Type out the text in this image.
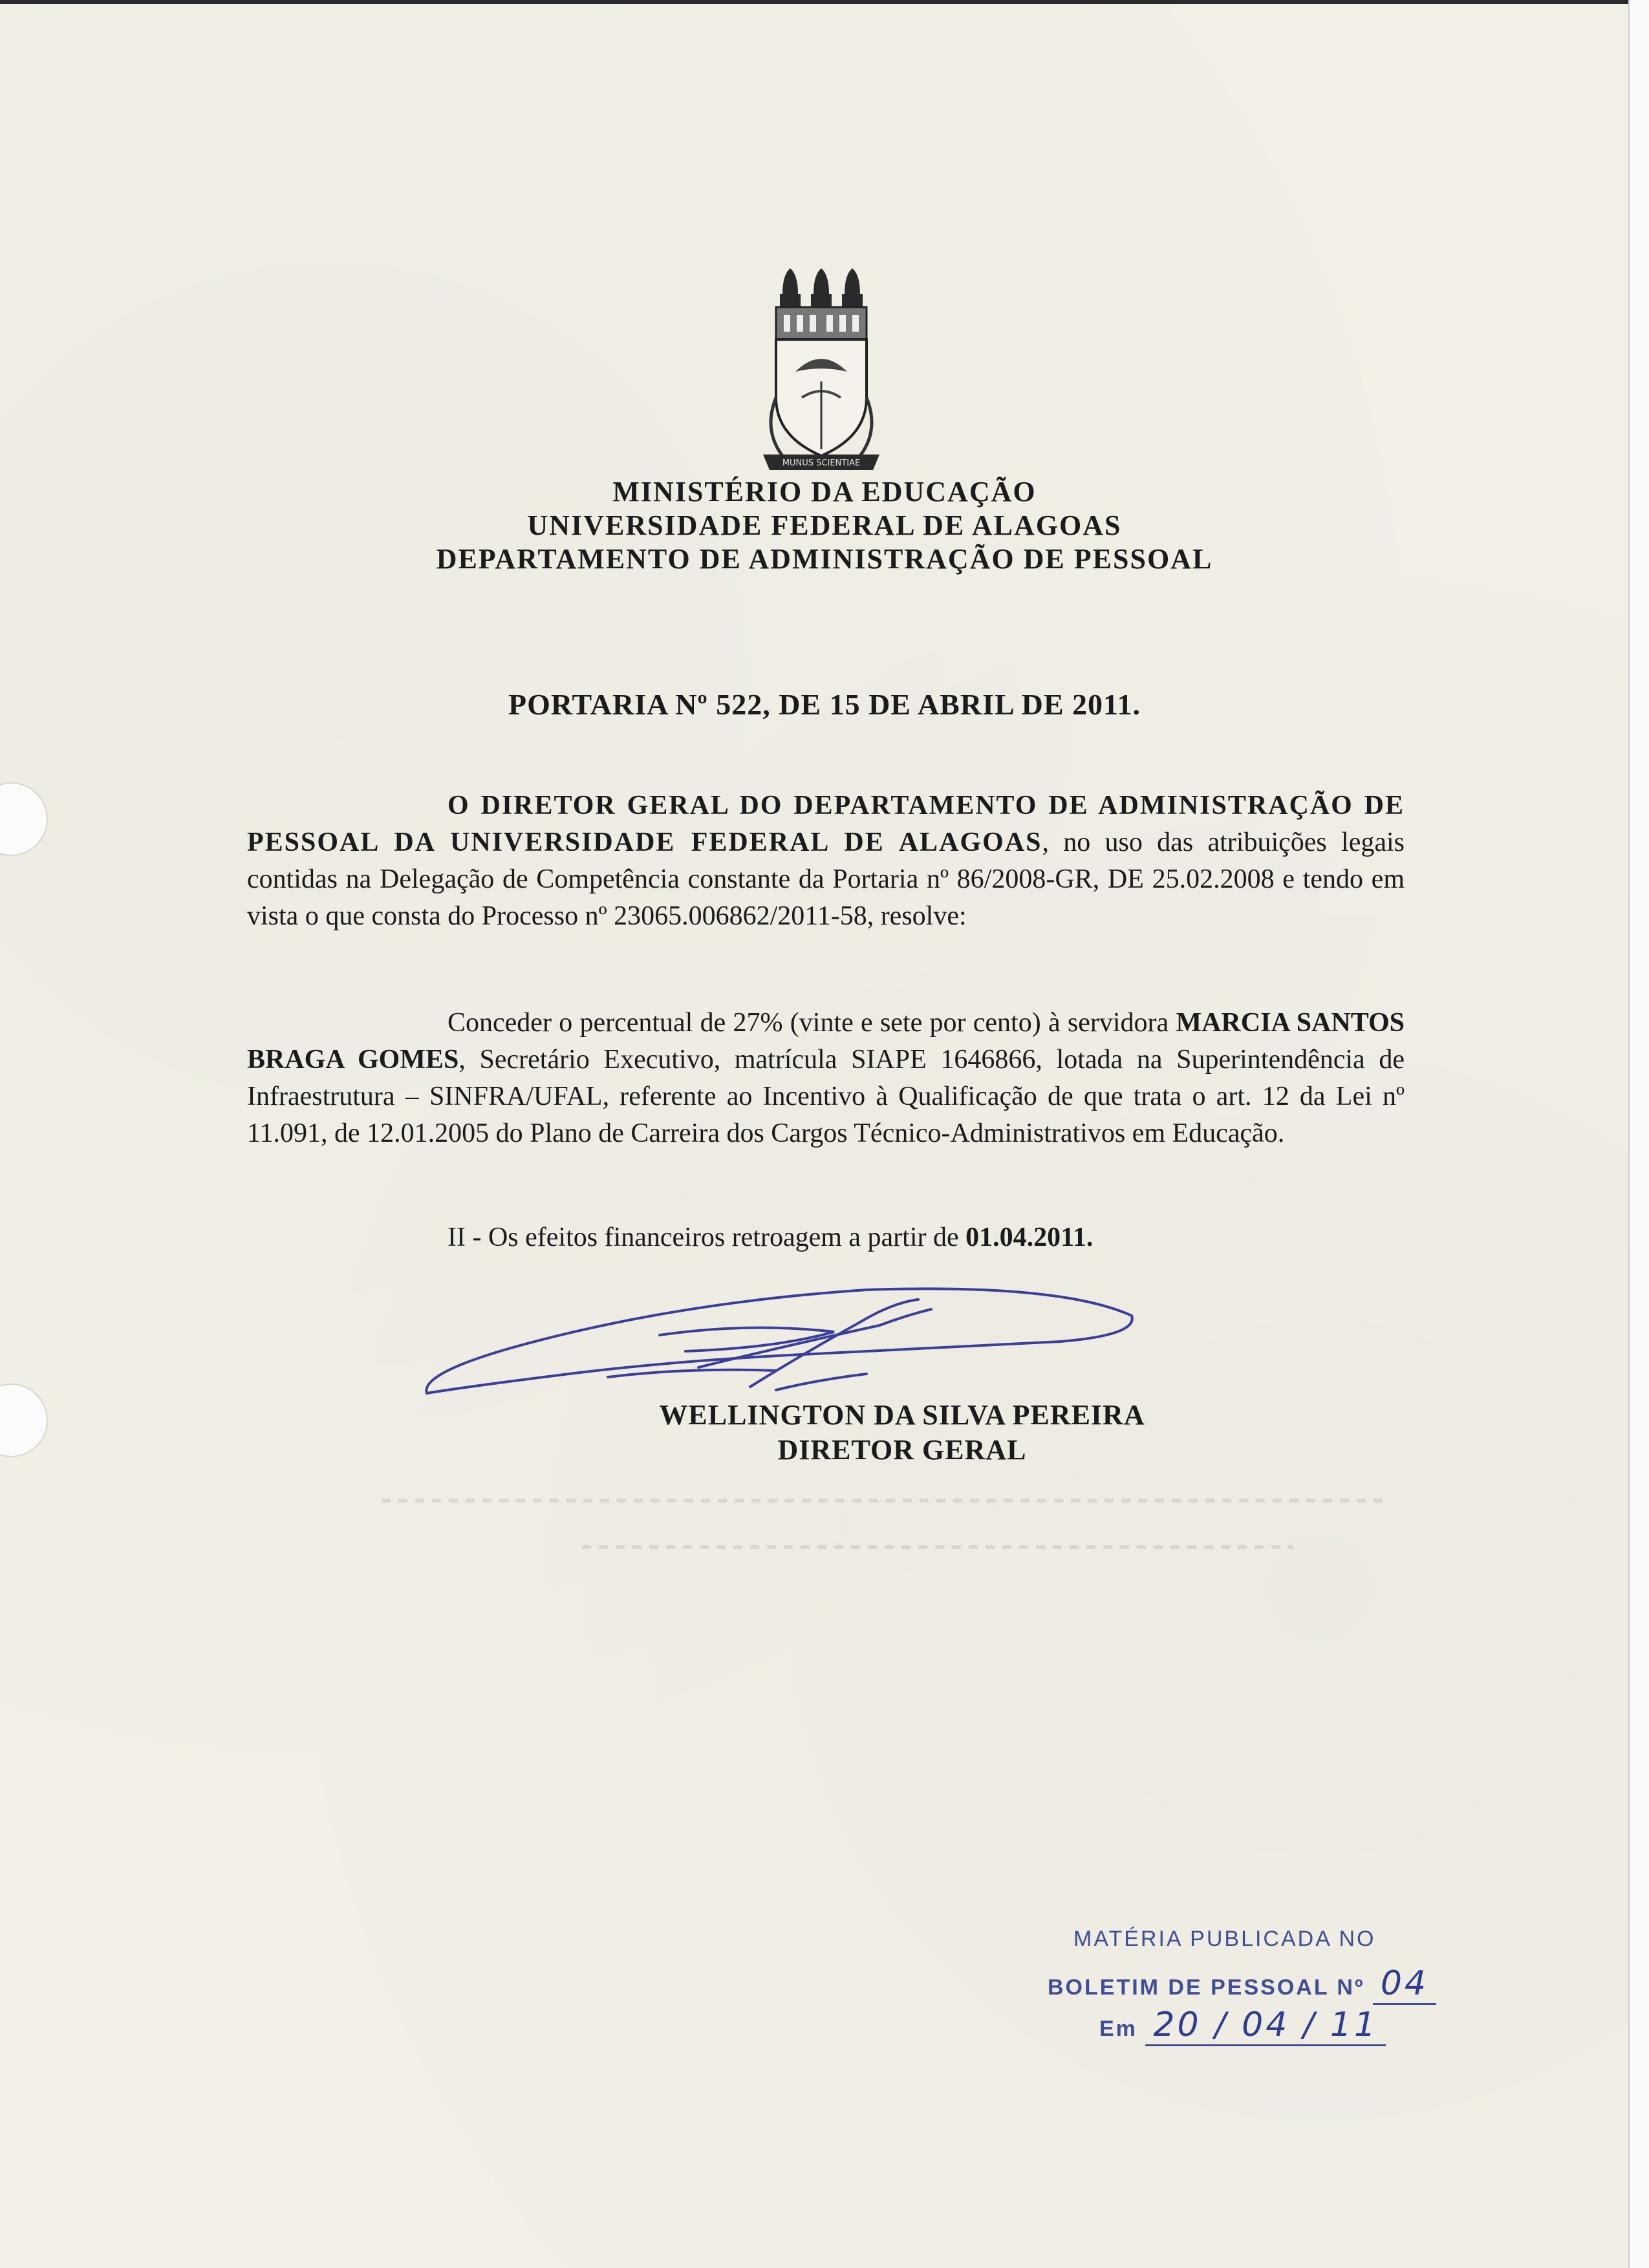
MUNUS SCIENTIAE
MINISTÉRIO DA EDUCAÇÃO
UNIVERSIDADE FEDERAL DE ALAGOAS
DEPARTAMENTO DE ADMINISTRAÇÃO DE PESSOAL
PORTARIA Nº 522, DE 15 DE ABRIL DE 2011.
O DIRETOR GERAL DO DEPARTAMENTO DE ADMINISTRAÇÃO DE PESSOAL DA UNIVERSIDADE FEDERAL DE ALAGOAS, no uso das atribuições legais contidas na Delegação de Competência constante da Portaria nº 86/2008-GR, DE 25.02.2008 e tendo em vista o que consta do Processo nº 23065.006862/2011-58, resolve:
Conceder o percentual de 27% (vinte e sete por cento) à servidora MARCIA SANTOS BRAGA GOMES, Secretário Executivo, matrícula SIAPE 1646866, lotada na Superintendência de Infraestrutura – SINFRA/UFAL, referente ao Incentivo à Qualificação de que trata o art. 12 da Lei nº 11.091, de 12.01.2005 do Plano de Carreira dos Cargos Técnico-Administrativos em Educação.
II - Os efeitos financeiros retroagem a partir de 01.04.2011.
WELLINGTON DA SILVA PEREIRA
DIRETOR GERAL
MATÉRIA PUBLICADA NO
BOLETIM DE PESSOAL Nº 04
Em 20 / 04 / 11
